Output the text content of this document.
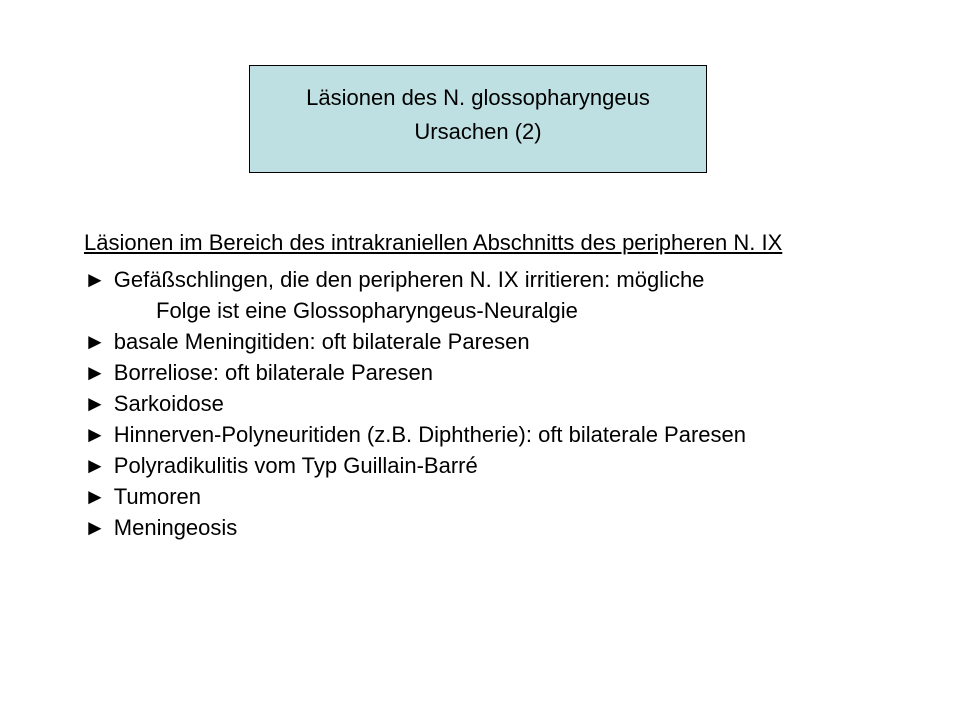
Läsionen des N. glossopharyngeus
Ursachen (2)
Läsionen im Bereich des intrakraniellen Abschnitts des peripheren N. IX
► Gefäßschlingen, die den peripheren N. IX irritieren: mögliche
Folge ist eine Glossopharyngeus-Neuralgie
► basale Meningitiden: oft bilaterale Paresen
► Borreliose: oft bilaterale Paresen
► Sarkoidose
► Hinnerven-Polyneuritiden (z.B. Diphtherie): oft bilaterale Paresen
► Polyradikulitis vom Typ Guillain-Barré
► Tumoren
► Meningeosis
